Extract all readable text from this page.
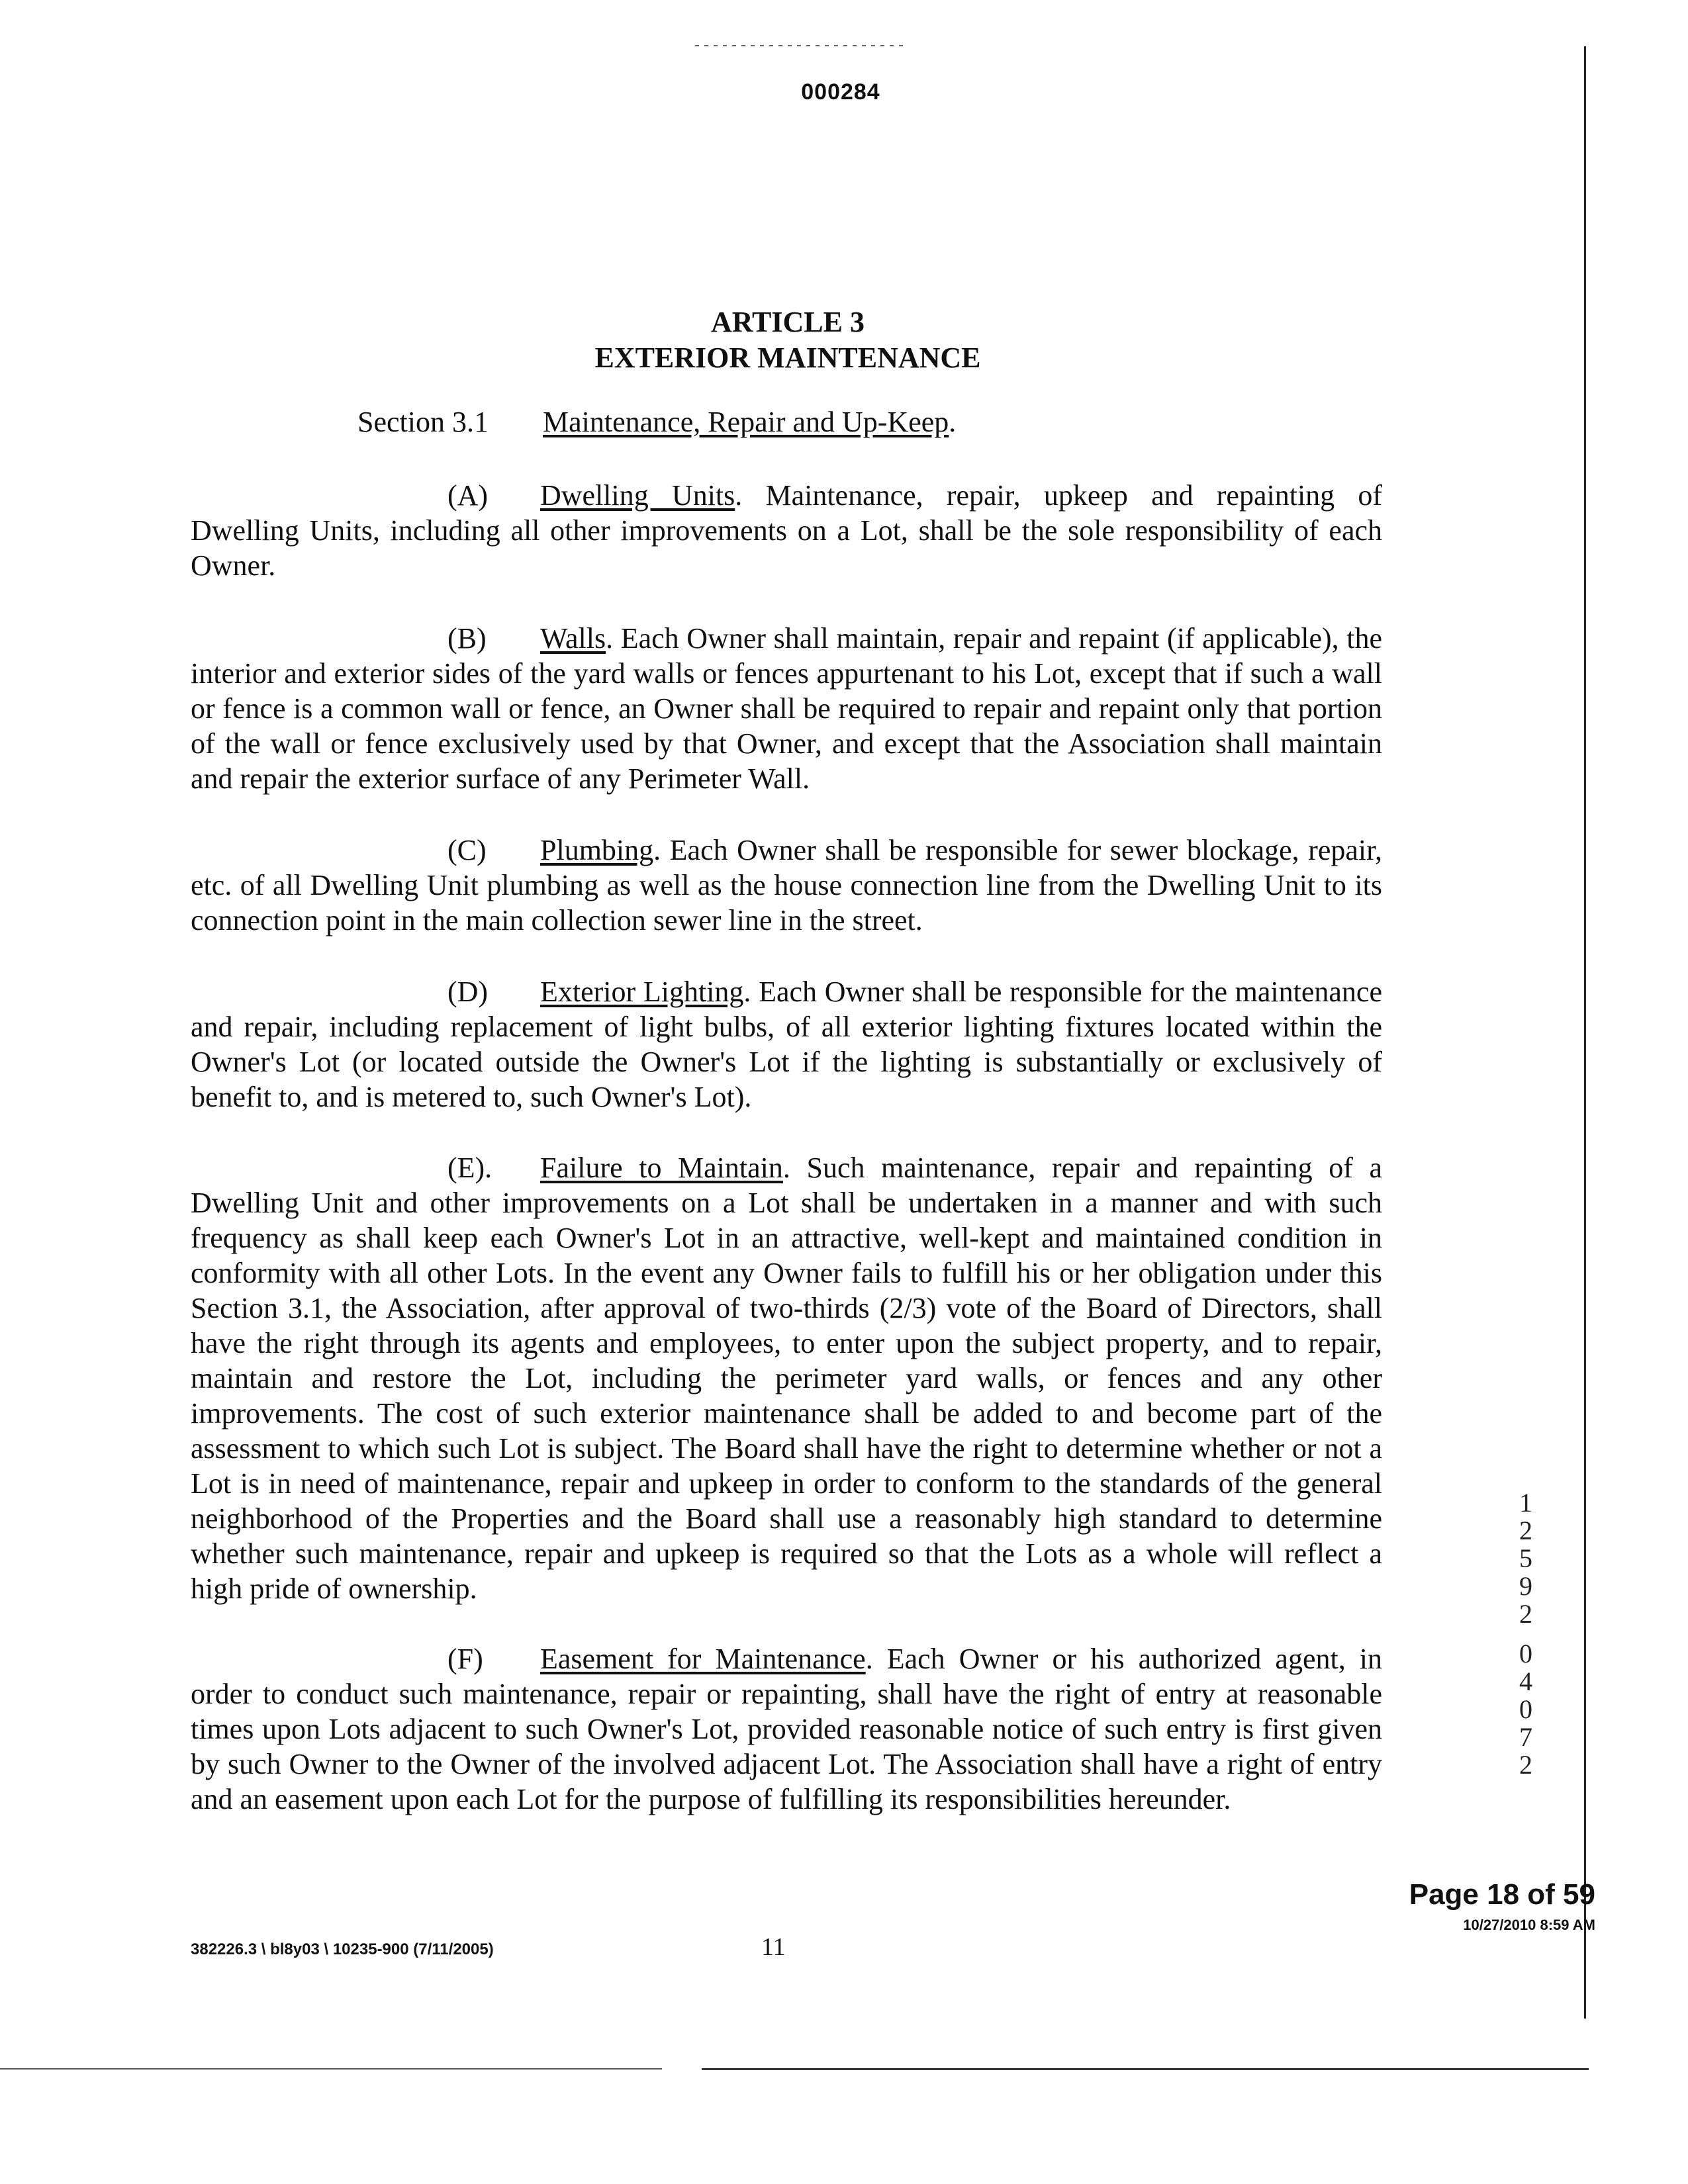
000284
ARTICLE 3
EXTERIOR MAINTENANCE
Section 3.1 Maintenance, Repair and Up-Keep.

(A) Dwelling Units. Maintenance, repair, upkeep and repainting of Dwelling Units, including all other improvements on a Lot, shall be the sole responsibility of each Owner.

(B) Walls. Each Owner shall maintain, repair and repaint (if applicable), the interior and exterior sides of the yard walls or fences appurtenant to his Lot, except that if such a wall or fence is a common wall or fence, an Owner shall be required to repair and repaint only that portion of the wall or fence exclusively used by that Owner, and except that the Association shall maintain and repair the exterior surface of any Perimeter Wall.

(C) Plumbing. Each Owner shall be responsible for sewer blockage, repair, etc. of all Dwelling Unit plumbing as well as the house connection line from the Dwelling Unit to its connection point in the main collection sewer line in the street.

(D) Exterior Lighting. Each Owner shall be responsible for the maintenance and repair, including replacement of light bulbs, of all exterior lighting fixtures located within the Owner's Lot (or located outside the Owner's Lot if the lighting is substantially or exclusively of benefit to, and is metered to, such Owner's Lot).

(E). Failure to Maintain. Such maintenance, repair and repainting of a Dwelling Unit and other improvements on a Lot shall be undertaken in a manner and with such frequency as shall keep each Owner's Lot in an attractive, well-kept and maintained condition in conformity with all other Lots. In the event any Owner fails to fulfill his or her obligation under this Section 3.1, the Association, after approval of two-thirds (2/3) vote of the Board of Directors, shall have the right through its agents and employees, to enter upon the subject property, and to repair, maintain and restore the Lot, including the perimeter yard walls, or fences and any other improvements. The cost of such exterior maintenance shall be added to and become part of the assessment to which such Lot is subject. The Board shall have the right to determine whether or not a Lot is in need of maintenance, repair and upkeep in order to conform to the standards of the general neighborhood of the Properties and the Board shall use a reasonably high standard to determine whether such maintenance, repair and upkeep is required so that the Lots as a whole will reflect a high pride of ownership.

(F) Easement for Maintenance. Each Owner or his authorized agent, in order to conduct such maintenance, repair or repainting, shall have the right of entry at reasonable times upon Lots adjacent to such Owner's Lot, provided reasonable notice of such entry is first given by such Owner to the Owner of the involved adjacent Lot. The Association shall have a right of entry and an easement upon each Lot for the purpose of fulfilling its responsibilities hereunder.

1
2
5
9
2
0
4
0
7
2
Page 18 of 59
10/27/2010 8:59 AM
382226.3 \ bl8y03 \ 10235-900 (7/11/2005)	11
